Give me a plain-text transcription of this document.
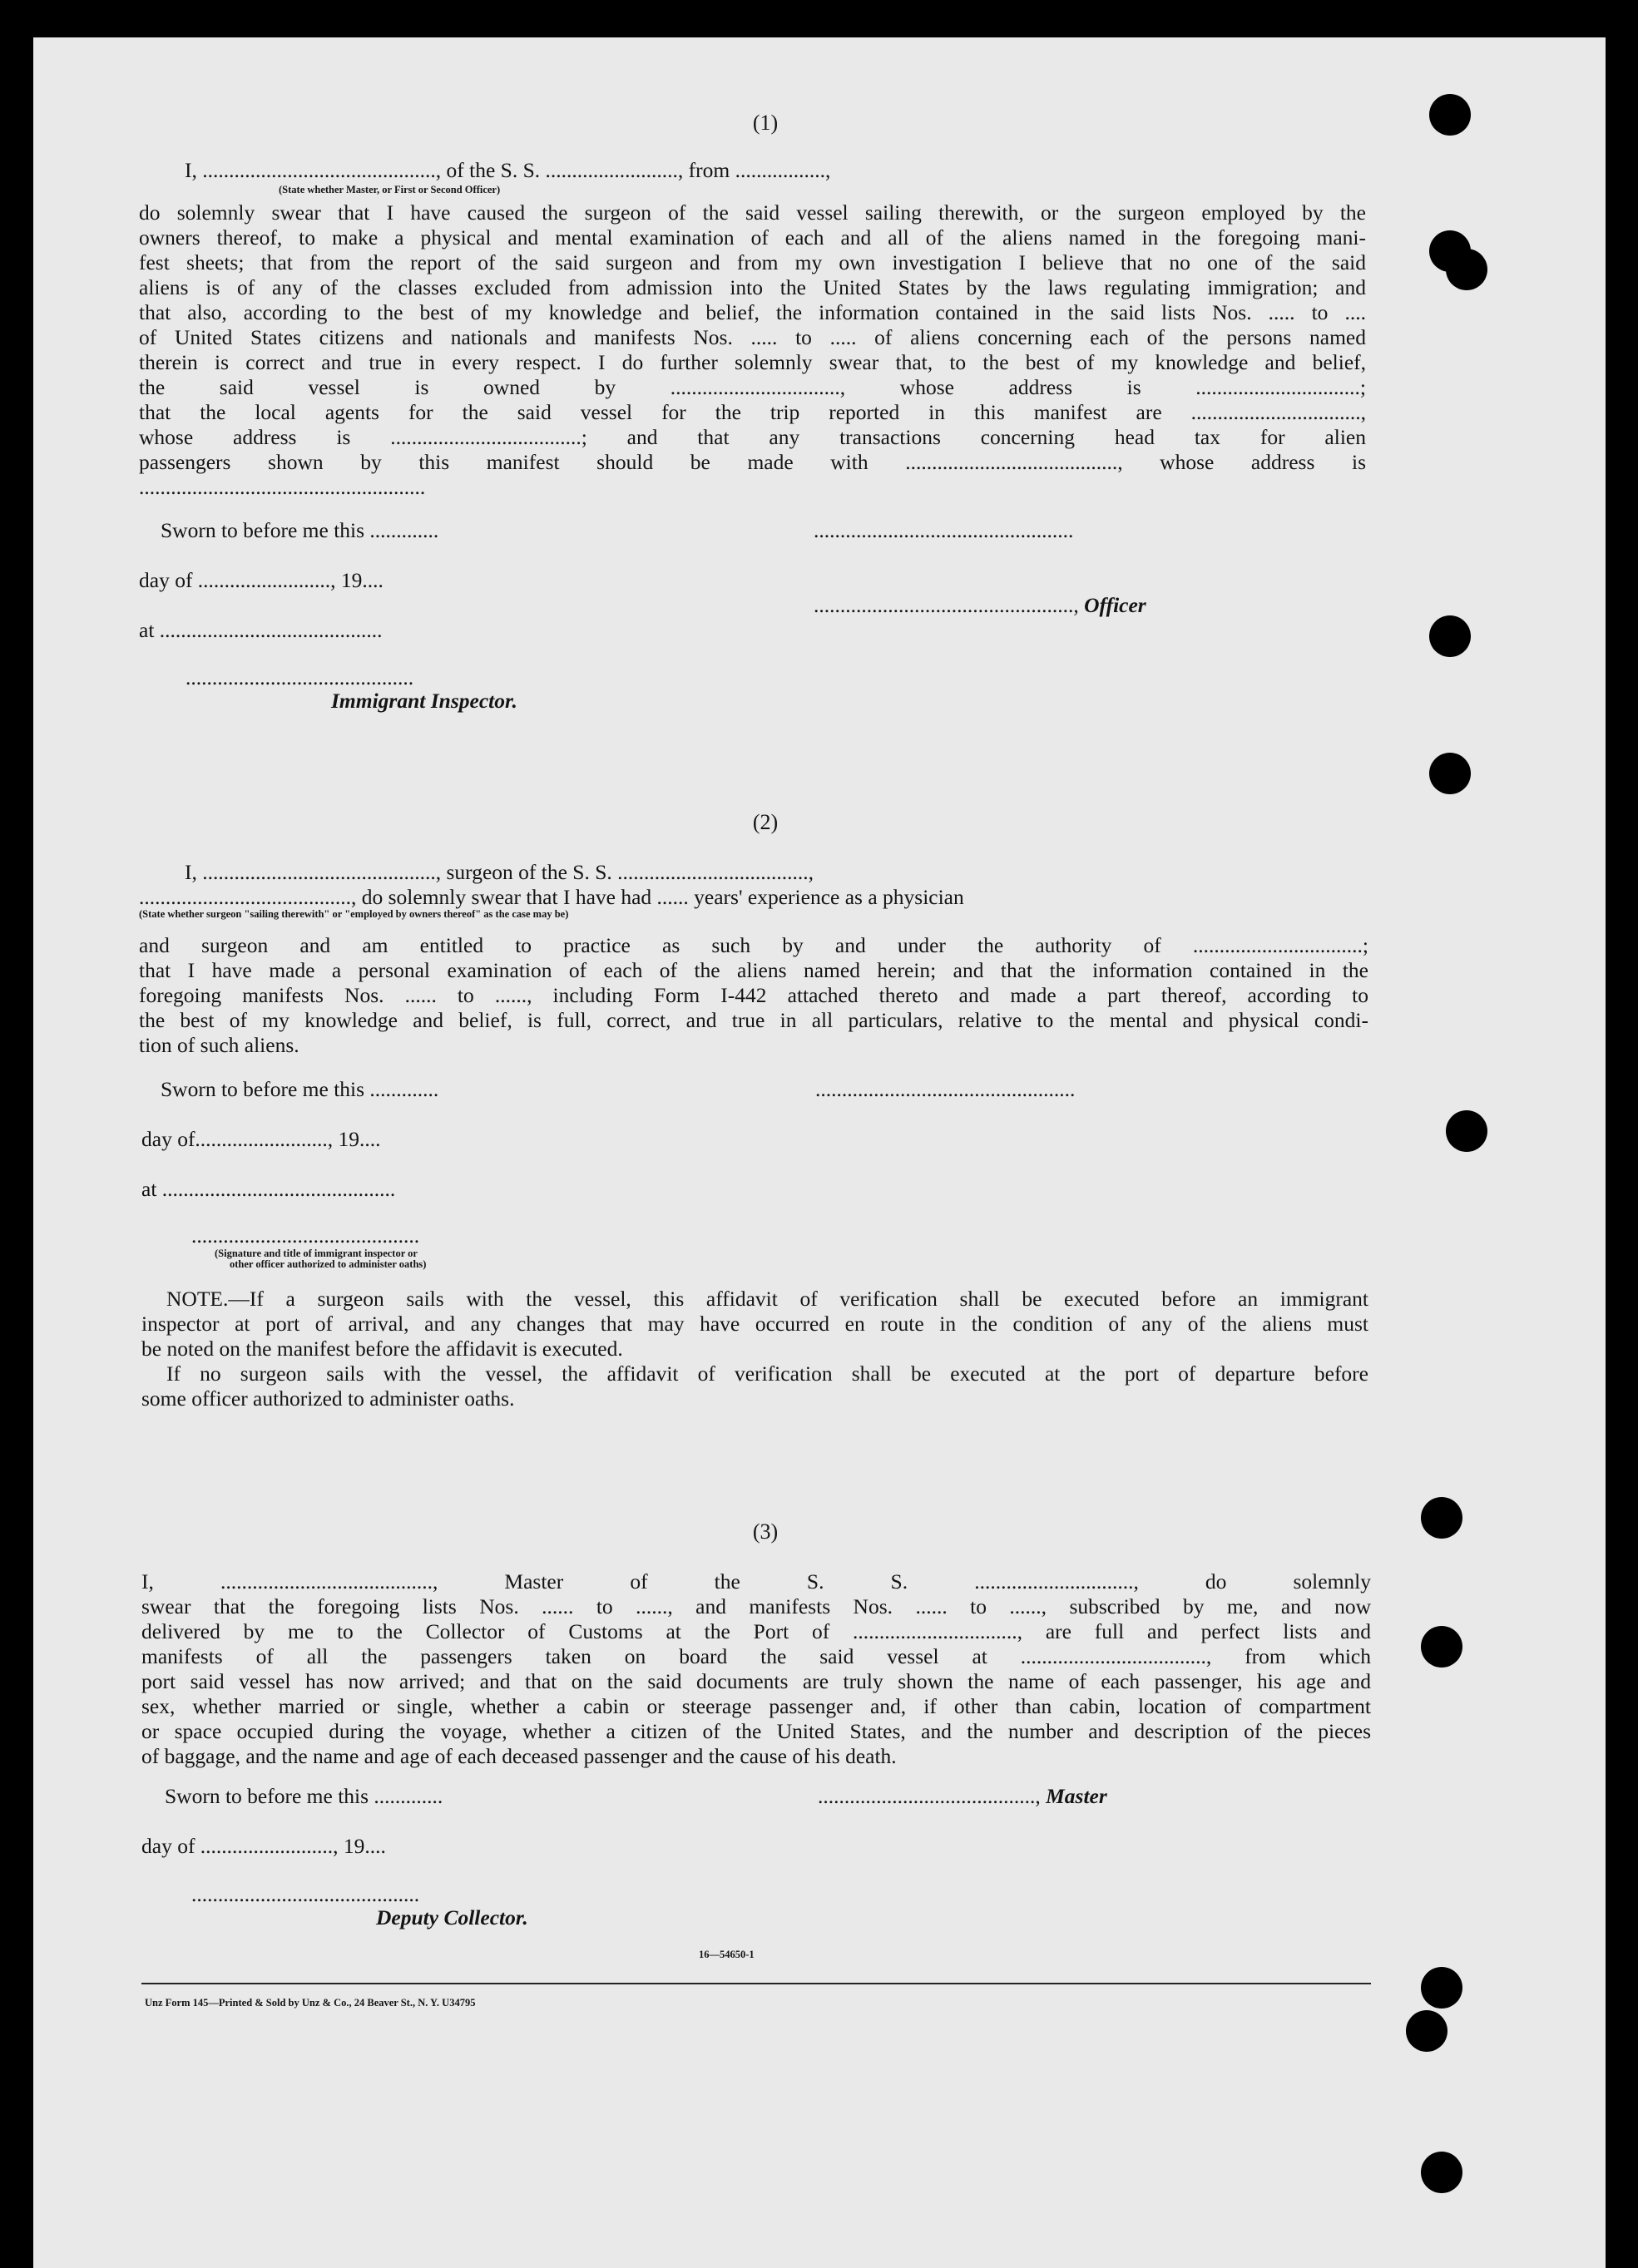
(1)
I, ............................................, of the S. S. ........................., from .................,
(State whether Master, or First or Second Officer)
do solemnly swear that I have caused the surgeon of the said vessel sailing therewith, or the surgeon employed by the
owners thereof, to make a physical and mental examination of each and all of the aliens named in the foregoing mani-
fest sheets; that from the report of the said surgeon and from my own investigation I believe that no one of the said
aliens is of any of the classes excluded from admission into the United States by the laws regulating immigration; and
that also, according to the best of my knowledge and belief, the information contained in the said lists Nos. ..... to ....
of United States citizens and nationals and manifests Nos. ..... to ..... of aliens concerning each of the persons named
therein is correct and true in every respect. I do further solemnly swear that, to the best of my knowledge and belief,
the said vessel is owned by ................................, whose address is ...............................;
that the local agents for the said vessel for the trip reported in this manifest are ................................,
whose address is ....................................; and that any transactions concerning head tax for alien
passengers shown by this manifest should be made with ........................................, whose address is
......................................................
Sworn to before me this .............	.................................................
day of ........................., 19....
................................................., Officer
at ..........................................
...........................................
Immigrant Inspector.
(2)
I, ............................................, surgeon of the S. S. ....................................,
........................................, do solemnly swear that I have had ...... years' experience as a physician
(State whether surgeon "sailing therewith" or "employed by owners thereof" as the case may be)
and surgeon and am entitled to practice as such by and under the authority of ................................;
that I have made a personal examination of each of the aliens named herein; and that the information contained in the
foregoing manifests Nos. ...... to ......, including Form I-442 attached thereto and made a part thereof, according to
the best of my knowledge and belief, is full, correct, and true in all particulars, relative to the mental and physical condi-
tion of such aliens.
Sworn to before me this .............	.................................................
day of........................., 19....
at ............................................
...........................................
(Signature and title of immigrant inspector or
other officer authorized to administer oaths)
NOTE.—If a surgeon sails with the vessel, this affidavit of verification shall be executed before an immigrant
inspector at port of arrival, and any changes that may have occurred en route in the condition of any of the aliens must
be noted on the manifest before the affidavit is executed.
If no surgeon sails with the vessel, the affidavit of verification shall be executed at the port of departure before
some officer authorized to administer oaths.
(3)
I, ........................................, Master of the S. S. .............................., do solemnly
swear that the foregoing lists Nos. ...... to ......, and manifests Nos. ...... to ......, subscribed by me, and now
delivered by me to the Collector of Customs at the Port of ..............................., are full and perfect lists and
manifests of all the passengers taken on board the said vessel at ..................................., from which
port said vessel has now arrived; and that on the said documents are truly shown the name of each passenger, his age and
sex, whether married or single, whether a cabin or steerage passenger and, if other than cabin, location of compartment
or space occupied during the voyage, whether a citizen of the United States, and the number and description of the pieces
of baggage, and the name and age of each deceased passenger and the cause of his death.
Sworn to before me this .............	........................................., Master
day of ........................., 19....
...........................................
Deputy Collector.
16—54650-1
Unz Form 145—Printed & Sold by Unz & Co., 24 Beaver St., N. Y. U34795
